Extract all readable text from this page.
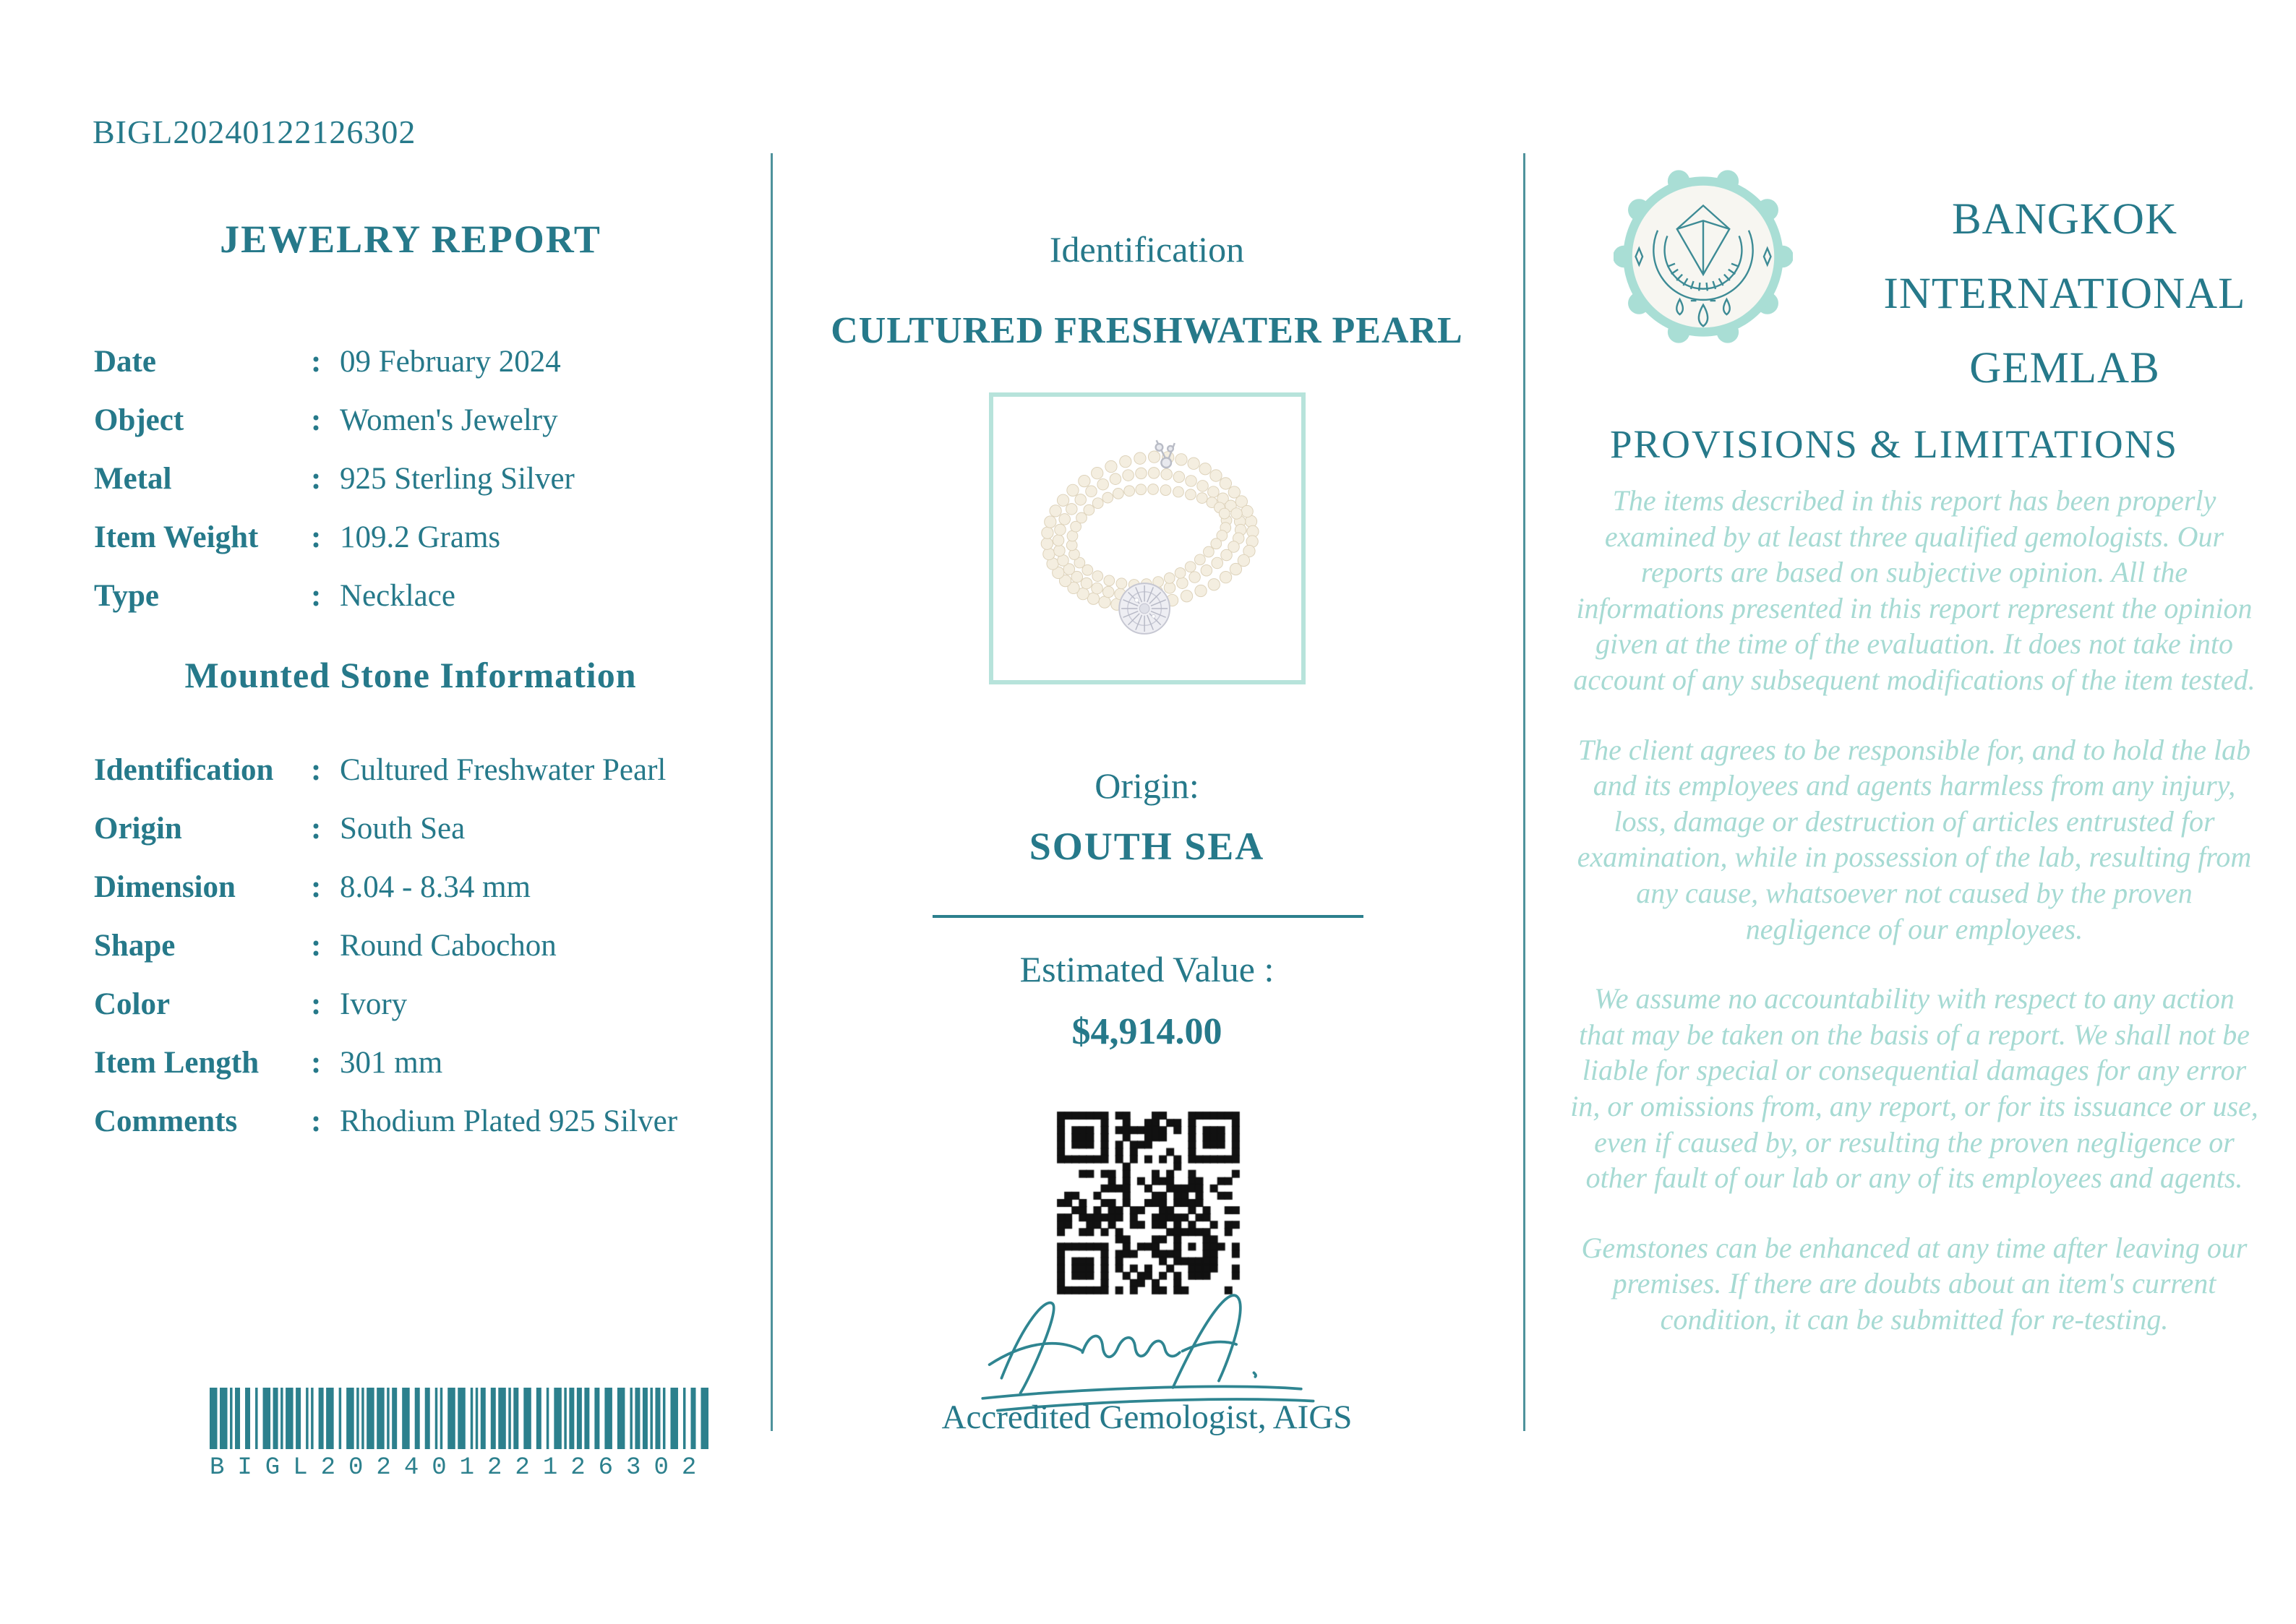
BIGL20240122126302
JEWELRY REPORT
Date	: 09 February 2024
Object	: Women's Jewelry
Metal	: 925 Sterling Silver
Item Weight	: 109.2 Grams
Type	: Necklace
Mounted Stone Information
Identification	: Cultured Freshwater Pearl
Origin	: South Sea
Dimension	: 8.04 - 8.34 mm
Shape	: Round Cabochon
Color	: Ivory
Item Length	: 301 mm
Comments	: Rhodium Plated 925 Silver
BIGL20240122126302
Identification
CULTURED FRESHWATER PEARL
Origin:
SOUTH SEA
Estimated Value :
$4,914.00
Accredited Gemologist, AIGS
BANGKOK
INTERNATIONAL
GEMLAB
PROVISIONS & LIMITATIONS

The items described in this report has been properly examined by at least three qualified gemologists. Our reports are based on subjective opinion. All the informations presented in this report represent the opinion given at the time of the evaluation. It does not take into account of any subsequent modifications of the item tested.

The client agrees to be responsible for, and to hold the lab and its employees and agents harmless from any injury, loss, damage or destruction of articles entrusted for examination, while in possession of the lab, resulting from any cause, whatsoever not caused by the proven negligence of our employees.

We assume no accountability with respect to any action that may be taken on the basis of a report. We shall not be liable for special or consequential damages for any error in, or omissions from, any report, or for its issuance or use, even if caused by, or resulting the proven negligence or other fault of our lab or any of its employees and agents.

Gemstones can be enhanced at any time after leaving our premises. If there are doubts about an item's current condition, it can be submitted for re-testing.
